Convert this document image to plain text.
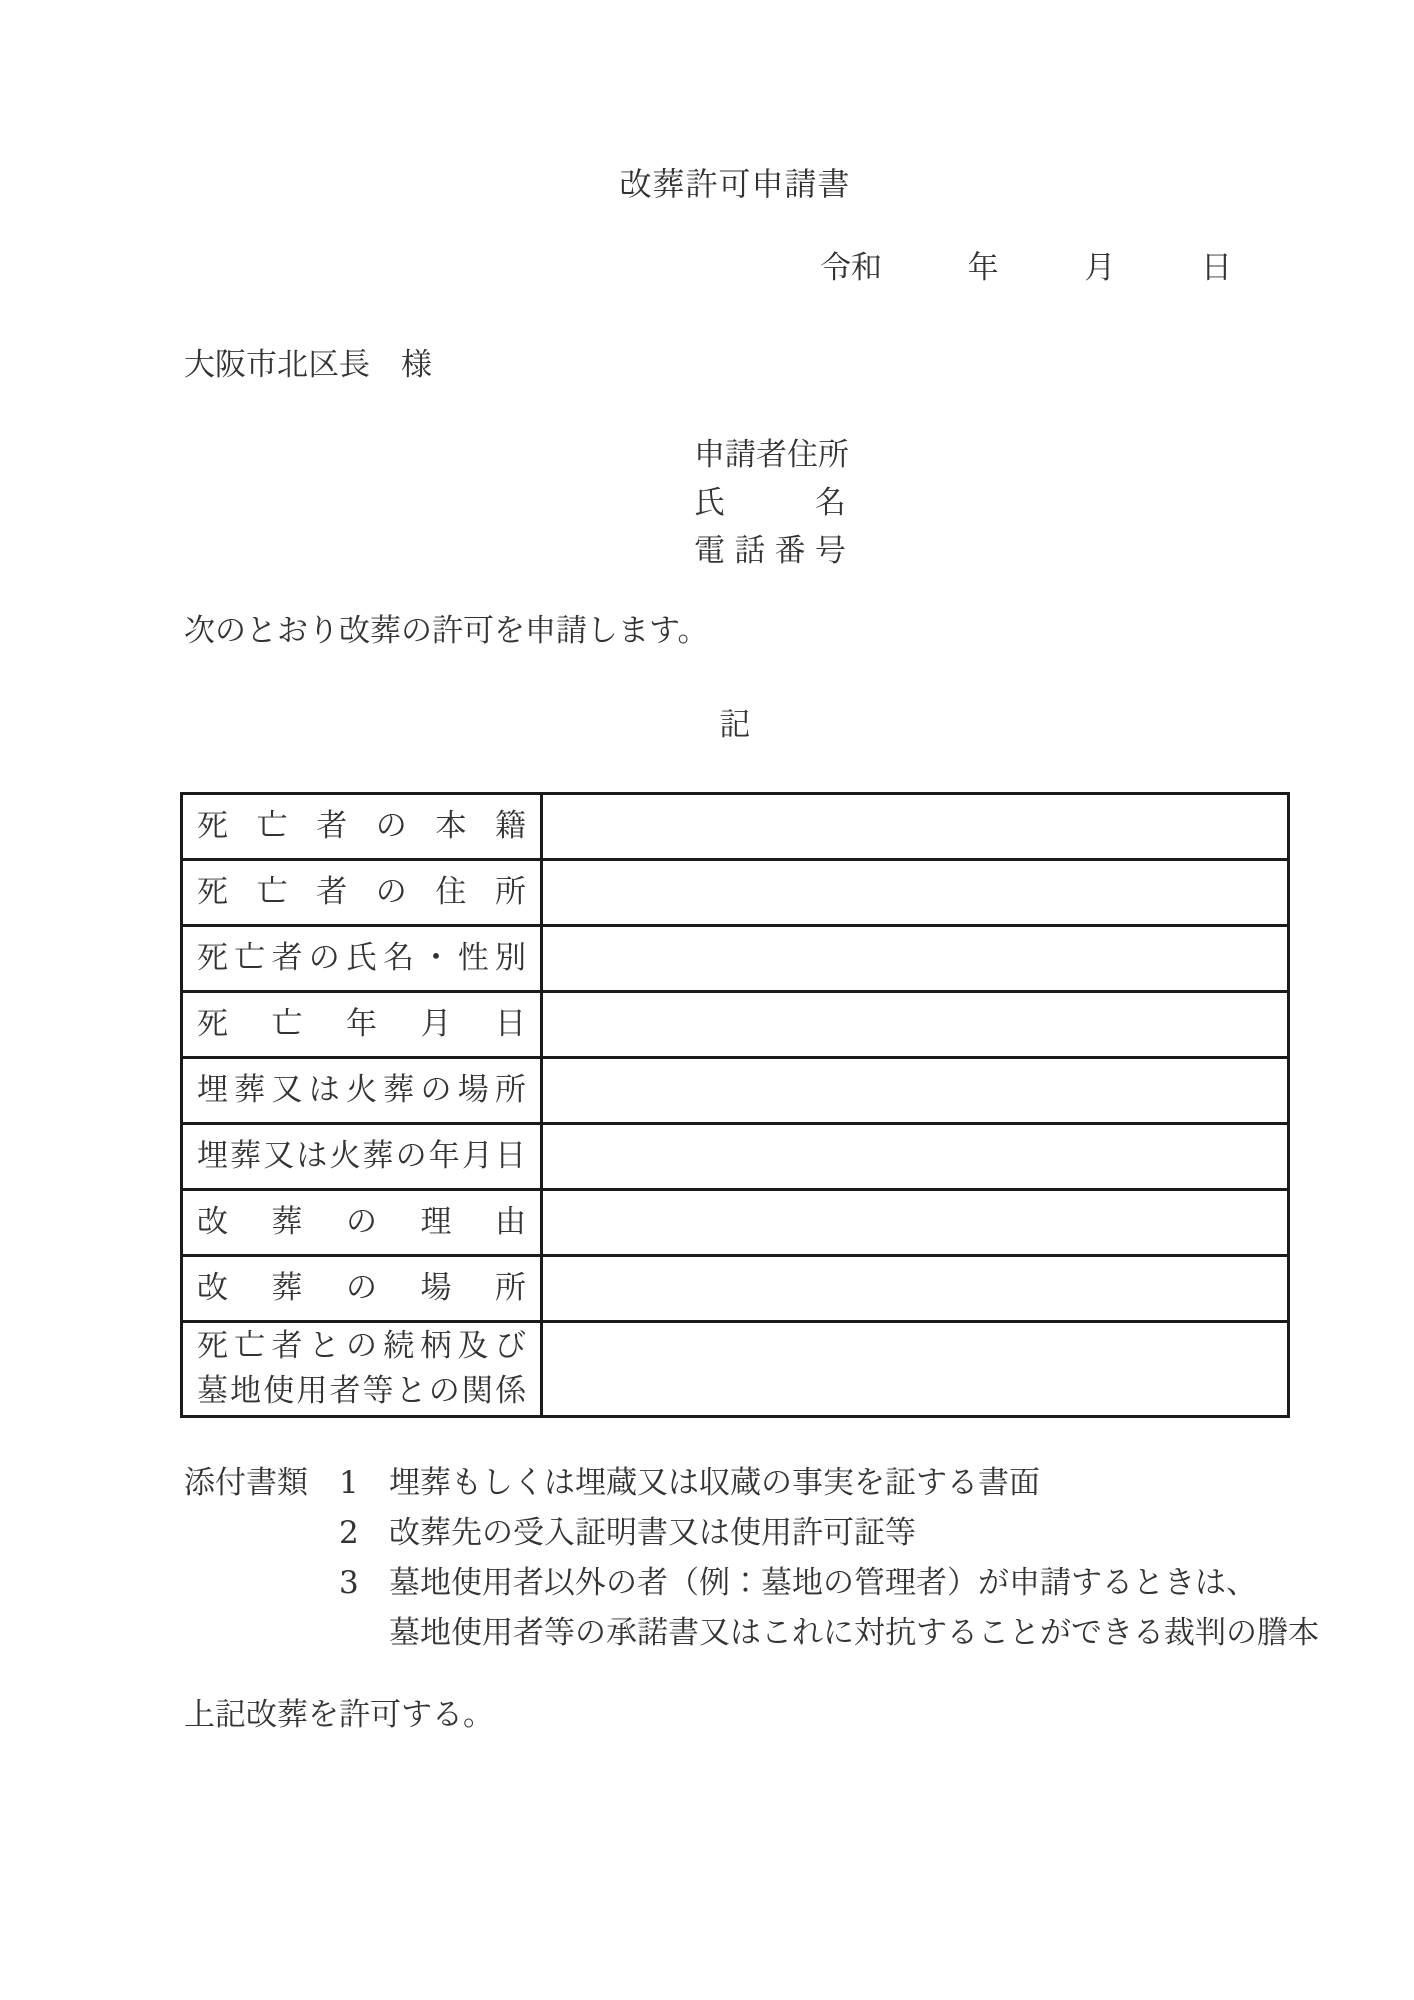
改葬許可申請書
令和	年	月	日
大阪市北区長　様
申 請 者 住 所
氏	名
電 話 番 号
次のとおり改葬の許可を申請します。
記
死 亡 者 の 本 籍
死 亡 者 の 住 所
死 亡 者 の 氏 名 ・ 性 別
死 亡 年 月 日
埋 葬 又 は 火 葬 の 場 所
埋 葬 又 は 火 葬 の 年 月 日
改 葬 の 理 由
改 葬 の 場 所
死 亡 者 と の 続 柄 及 び
墓 地 使 用 者 等 と の 関 係
添付書類	1 埋葬もしくは埋蔵又は収蔵の事実を証する書面
2 改葬先の受入証明書又は使用許可証等
3 墓地使用者以外の者（例：墓地の管理者）が申請するときは、
墓地使用者等の承諾書又はこれに対抗することができる裁判の謄本
上記改葬を許可する。
